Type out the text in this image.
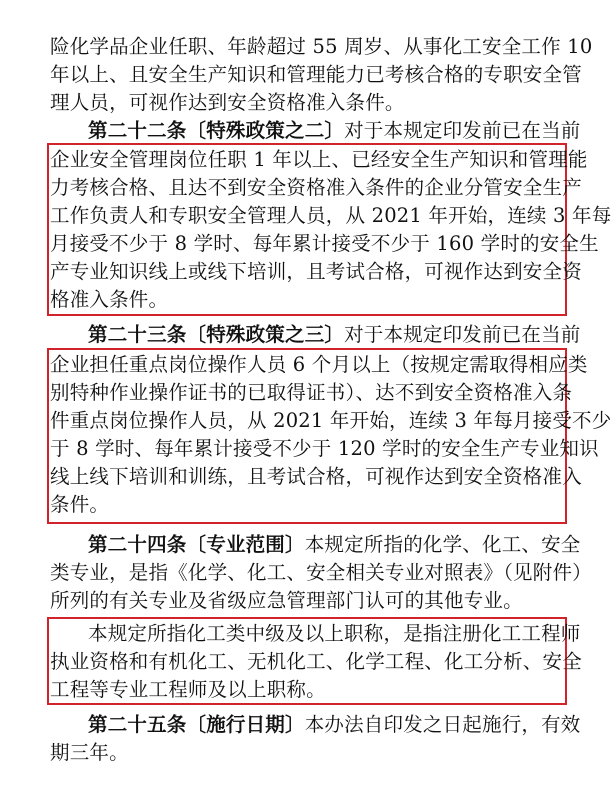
险化学品企业任职、年龄超过 55 周岁、从事化工安全工作 10
年以上、且安全生产知识和管理能力已考核合格的专职安全管
理人员，可视作达到安全资格准入条件。
第二十二条〔特殊政策之二〕对于本规定印发前已在当前
企业安全管理岗位任职 1 年以上、已经安全生产知识和管理能
力考核合格、且达不到安全资格准入条件的企业分管安全生产
工作负责人和专职安全管理人员，从 2021 年开始，连续 3 年每
月接受不少于 8 学时、每年累计接受不少于 160 学时的安全生
产专业知识线上或线下培训，且考试合格，可视作达到安全资
格准入条件。
第二十三条〔特殊政策之三〕对于本规定印发前已在当前
企业担任重点岗位操作人员 6 个月以上（按规定需取得相应类
别特种作业操作证书的已取得证书）、达不到安全资格准入条
件重点岗位操作人员，从 2021 年开始，连续 3 年每月接受不少
于 8 学时、每年累计接受不少于 120 学时的安全生产专业知识
线上线下培训和训练，且考试合格，可视作达到安全资格准入
条件。
第二十四条〔专业范围〕本规定所指的化学、化工、安全
类专业，是指《化学、化工、安全相关专业对照表》（见附件）
所列的有关专业及省级应急管理部门认可的其他专业。
本规定所指化工类中级及以上职称，是指注册化工工程师
执业资格和有机化工、无机化工、化学工程、化工分析、安全
工程等专业工程师及以上职称。
第二十五条〔施行日期〕本办法自印发之日起施行，有效
期三年。
